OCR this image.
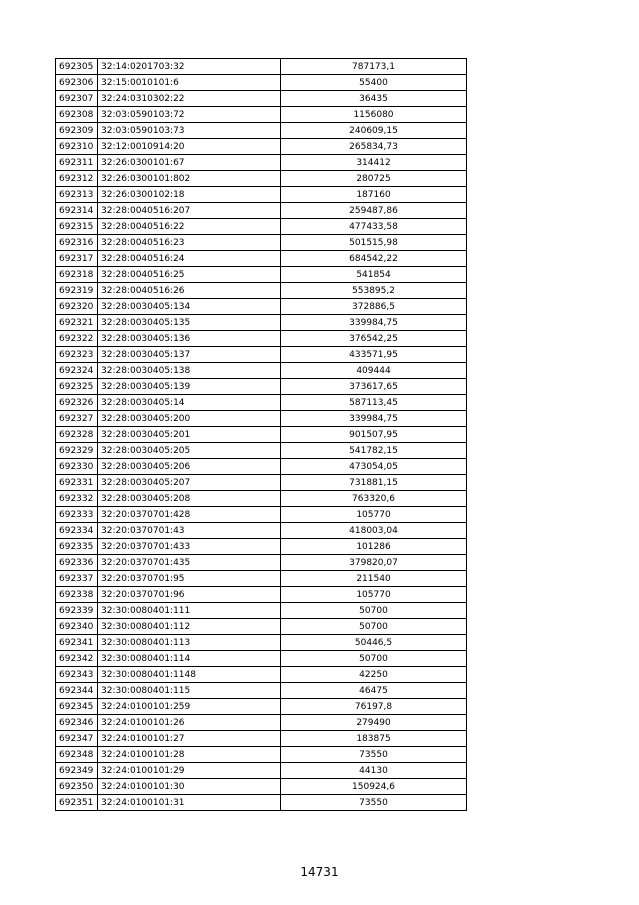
692305	32:14:0201703:32	787173,1
692306	32:15:0010101:6	55400
692307	32:24:0310302:22	36435
692308	32:03:0590103:72	1156080
692309	32:03:0590103:73	240609,15
692310	32:12:0010914:20	265834,73
692311	32:26:0300101:67	314412
692312	32:26:0300101:802	280725
692313	32:26:0300102:18	187160
692314	32:28:0040516:207	259487,86
692315	32:28:0040516:22	477433,58
692316	32:28:0040516:23	501515,98
692317	32:28:0040516:24	684542,22
692318	32:28:0040516:25	541854
692319	32:28:0040516:26	553895,2
692320	32:28:0030405:134	372886,5
692321	32:28:0030405:135	339984,75
692322	32:28:0030405:136	376542,25
692323	32:28:0030405:137	433571,95
692324	32:28:0030405:138	409444
692325	32:28:0030405:139	373617,65
692326	32:28:0030405:14	587113,45
692327	32:28:0030405:200	339984,75
692328	32:28:0030405:201	901507,95
692329	32:28:0030405:205	541782,15
692330	32:28:0030405:206	473054,05
692331	32:28:0030405:207	731881,15
692332	32:28:0030405:208	763320,6
692333	32:20:0370701:428	105770
692334	32:20:0370701:43	418003,04
692335	32:20:0370701:433	101286
692336	32:20:0370701:435	379820,07
692337	32:20:0370701:95	211540
692338	32:20:0370701:96	105770
692339	32:30:0080401:111	50700
692340	32:30:0080401:112	50700
692341	32:30:0080401:113	50446,5
692342	32:30:0080401:114	50700
692343	32:30:0080401:1148	42250
692344	32:30:0080401:115	46475
692345	32:24:0100101:259	76197,8
692346	32:24:0100101:26	279490
692347	32:24:0100101:27	183875
692348	32:24:0100101:28	73550
692349	32:24:0100101:29	44130
692350	32:24:0100101:30	150924,6
692351	32:24:0100101:31	73550
14731
